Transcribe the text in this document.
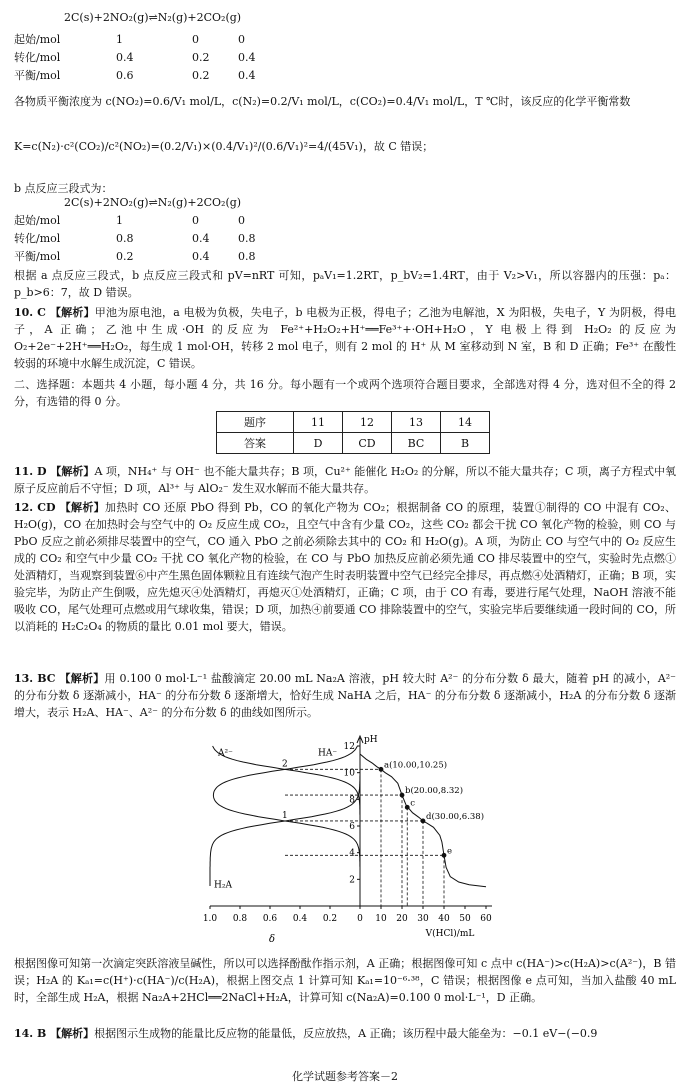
2C(s)+2NO₂(g)⇌N₂(g)+2CO₂(g)
起始/mol	1	0	0
转化/mol	0.4	0.2	0.4
平衡/mol	0.6	0.2	0.4
各物质平衡浓度为 c(NO₂)=0.6/V₁ mol/L，c(N₂)=0.2/V₁ mol/L，c(CO₂)=0.4/V₁ mol/L，T ℃时，该反应的化学平衡常数
K=c(N₂)·c²(CO₂)/c²(NO₂)=(0.2/V₁)×(0.4/V₁)²/(0.6/V₁)²=4/(45V₁)，故 C 错误；
b 点反应三段式为：
2C(s)+2NO₂(g)⇌N₂(g)+2CO₂(g)
起始/mol	1	0	0
转化/mol	0.8	0.4	0.8
平衡/mol	0.2	0.4	0.8
根据 a 点反应三段式，b 点反应三段式和 pV=nRT 可知，pₐV₁=1.2RT，p_bV₂=1.4RT，由于 V₂>V₁，所以容器内的压强：pₐ：p_b>6：7，故 D 错误。
10. C 【解析】甲池为原电池，a 电极为负极，失电子，b 电极为正极，得电子；乙池为电解池，X 为阳极，失电子，Y 为阴极，得电子，A 正确；乙池中生成·OH 的反应为 Fe²⁺+H₂O₂+H⁺══Fe³⁺+·OH+H₂O，Y 电极上得到 H₂O₂ 的反应为 O₂+2e⁻+2H⁺══H₂O₂，每生成 1 mol·OH，转移 2 mol 电子，则有 2 mol 的 H⁺ 从 M 室移动到 N 室，B 和 D 正确；Fe³⁺ 在酸性较弱的环境中水解生成沉淀，C 错误。
二、选择题：本题共 4 小题，每小题 4 分，共 16 分。每小题有一个或两个选项符合题目要求，全部选对得 4 分，选对但不全的得 2 分，有选错的得 0 分。
题序	11	12	13	14
答案	D	CD	BC	B
11. D 【解析】A 项，NH₄⁺ 与 OH⁻ 也不能大量共存；B 项，Cu²⁺ 能催化 H₂O₂ 的分解，所以不能大量共存；C 项，离子方程式中氧原子反应前后不守恒；D 项，Al³⁺ 与 AlO₂⁻ 发生双水解而不能大量共存。
12. CD 【解析】加热时 CO 还原 PbO 得到 Pb，CO 的氧化产物为 CO₂；根据制备 CO 的原理，装置①制得的 CO 中混有 CO₂、H₂O(g)，CO 在加热时会与空气中的 O₂ 反应生成 CO₂，且空气中含有少量 CO₂，这些 CO₂ 都会干扰 CO 氧化产物的检验，则 CO 与 PbO 反应之前必须排尽装置中的空气，CO 通入 PbO 之前必须除去其中的 CO₂ 和 H₂O(g)。A 项，为防止 CO 与空气中的 O₂ 反应生成的 CO₂ 和空气中少量 CO₂ 干扰 CO 氧化产物的检验，在 CO 与 PbO 加热反应前必须先通 CO 排尽装置中的空气，实验时先点燃①处酒精灯，当观察到装置⑥中产生黑色固体颗粒且有连续气泡产生时表明装置中空气已经完全排尽，再点燃④处酒精灯，正确；B 项，实验完毕，为防止产生倒吸，应先熄灭④处酒精灯，再熄灭①处酒精灯，正确；C 项，由于 CO 有毒，要进行尾气处理，NaOH 溶液不能吸收 CO，尾气处理可点燃或用气球收集，错误；D 项，加热④前要通 CO 排除装置中的空气，实验完毕后要继续通一段时间的 CO，所以消耗的 H₂C₂O₄ 的物质的量比 0.01 mol 要大，错误。
13. BC 【解析】用 0.100 0 mol·L⁻¹ 盐酸滴定 20.00 mL Na₂A 溶液，pH 较大时 A²⁻ 的分布分数 δ 最大，随着 pH 的减小，A²⁻ 的分布分数 δ 逐渐减小，HA⁻ 的分布分数 δ 逐渐增大，恰好生成 NaHA 之后，HA⁻ 的分布分数 δ 逐渐减小，H₂A 的分布分数 δ 逐渐增大，表示 H₂A、HA⁻、A²⁻ 的分布分数 δ 的曲线如图所示。
1.0 0.8 0.6 0.4 0.2 0 10 20 30 40 50 60
12
10
8
6
4
2
pH
V(HCl)/mL
δ
A²⁻	HA⁻
H₂A
1
2	a(10.00,10.25)
b(20.00,8.32)
c
d(30.00,6.38)
e
根据图像可知第一次滴定突跃溶液呈碱性，所以可以选择酚酞作指示剂，A 正确；根据图像可知 c 点中 c(HA⁻)>c(H₂A)>c(A²⁻)，B 错误；H₂A 的 Kₐ₁=c(H⁺)·c(HA⁻)/c(H₂A)，根据上图交点 1 计算可知 Kₐ₁=10⁻⁶·³⁸，C 错误；根据图像 e 点可知，当加入盐酸 40 mL 时，全部生成 H₂A，根据 Na₂A+2HCl══2NaCl+H₂A，计算可知 c(Na₂A)=0.100 0 mol·L⁻¹，D 正确。
14. B 【解析】根据图示生成物的能量比反应物的能量低，反应放热，A 正确；该历程中最大能垒为：−0.1 eV−(−0.9
化学试题参考答案－2
